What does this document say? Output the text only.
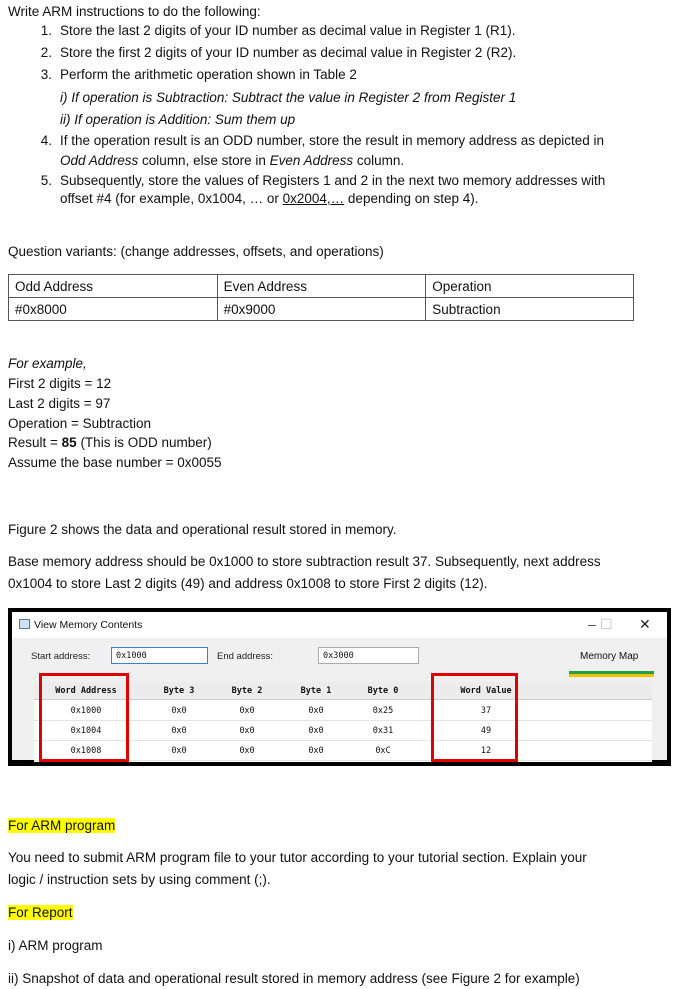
Write ARM instructions to do the following:
1. Store the last 2 digits of your ID number as decimal value in Register 1 (R1).
2. Store the first 2 digits of your ID number as decimal value in Register 2 (R2).
3. Perform the arithmetic operation shown in Table 2
i) If operation is Subtraction: Subtract the value in Register 2 from Register 1
ii) If operation is Addition: Sum them up
4. If the operation result is an ODD number, store the result in memory address as depicted in
Odd Address column, else store in Even Address column.
5. Subsequently, store the values of Registers 1 and 2 in the next two memory addresses with
offset #4 (for example, 0x1004, … or 0x2004,… depending on step 4).
Question variants: (change addresses, offsets, and operations)
Odd Address	Even Address	Operation
#0x8000	#0x9000	Subtraction
For example,
First 2 digits = 12
Last 2 digits = 97
Operation = Subtraction
Result = 85 (This is ODD number)
Assume the base number = 0x0055
Figure 2 shows the data and operational result stored in memory.
Base memory address should be 0x1000 to store subtraction result 37. Subsequently, next address
0x1004 to store Last 2 digits (49) and address 0x1008 to store First 2 digits (12).
View Memory Contents	– ☐ ✕
Start address:	0x1000	End address:	0x3000	Memory Map
Word Address	Byte 3	Byte 2	Byte 1	Byte 0	Word Value
0x1000	0x0	0x0	0x0	0x25	37
0x1004	0x0	0x0	0x0	0x31	49
0x1008	0x0	0x0	0x0	0xC	12
For ARM program
You need to submit ARM program file to your tutor according to your tutorial section. Explain your
logic / instruction sets by using comment (;).
For Report
i) ARM program
ii) Snapshot of data and operational result stored in memory address (see Figure 2 for example)
